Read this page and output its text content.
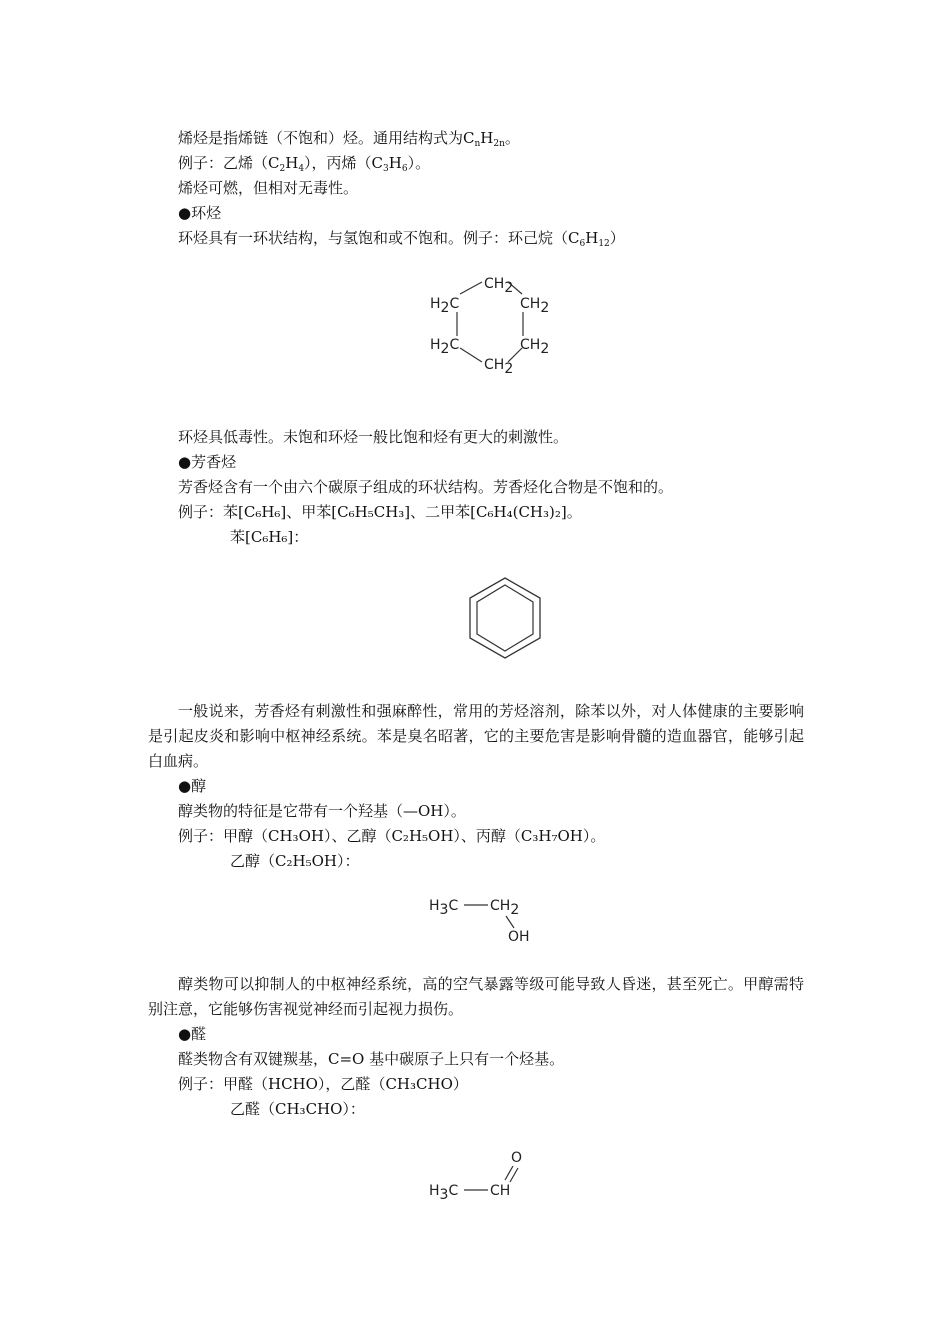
烯烃是指烯链（不饱和）烃。通用结构式为$C_nH_{2n}$。
例子：乙烯$(C_2H_4)$，丙烯$(C_3H_6)$。
烯烃可燃，但相对无毒性。
●环烃
环烃具有一环状结构，与氢饱和或不饱和。例子：环己烷$(C_6H_{12})$
CH2
H2C	CH2
H2C	CH2
CH2
环烃具低毒性。未饱和环烃一般比饱和烃有更大的刺激性。
●芳香烃
芳香烃含有一个由六个碳原子组成的环状结构。芳香烃化合物是不饱和的。
例子：苯[C₆H₆]、甲苯[C₆H₅CH₃]、二甲苯[C₆H₄(CH₃)₂]。
苯[C₆H₆]：
一般说来，芳香烃有刺激性和强麻醉性，常用的芳烃溶剂，除苯以外，对人体健康的主要影响是引起皮炎和影响中枢神经系统。苯是臭名昭著，它的主要危害是影响骨髓的造血器官，能够引起白血病。
●醇
醇类物的特征是它带有一个羟基（—OH）。
例子：甲醇（CH₃OH）、乙醇（C₂H₅OH）、丙醇（C₃H₇OH）。
乙醇（C₂H₅OH）：
H3C CH2
OH
醇类物可以抑制人的中枢神经系统，高的空气暴露等级可能导致人昏迷，甚至死亡。甲醇需特别注意，它能够伤害视觉神经而引起视力损伤。
●醛
醛类物含有双键羰基，C=O 基中碳原子上只有一个烃基。
例子：甲醛（HCHO），乙醛（CH₃CHO）
乙醛（CH₃CHO）：
O
H3C CH
